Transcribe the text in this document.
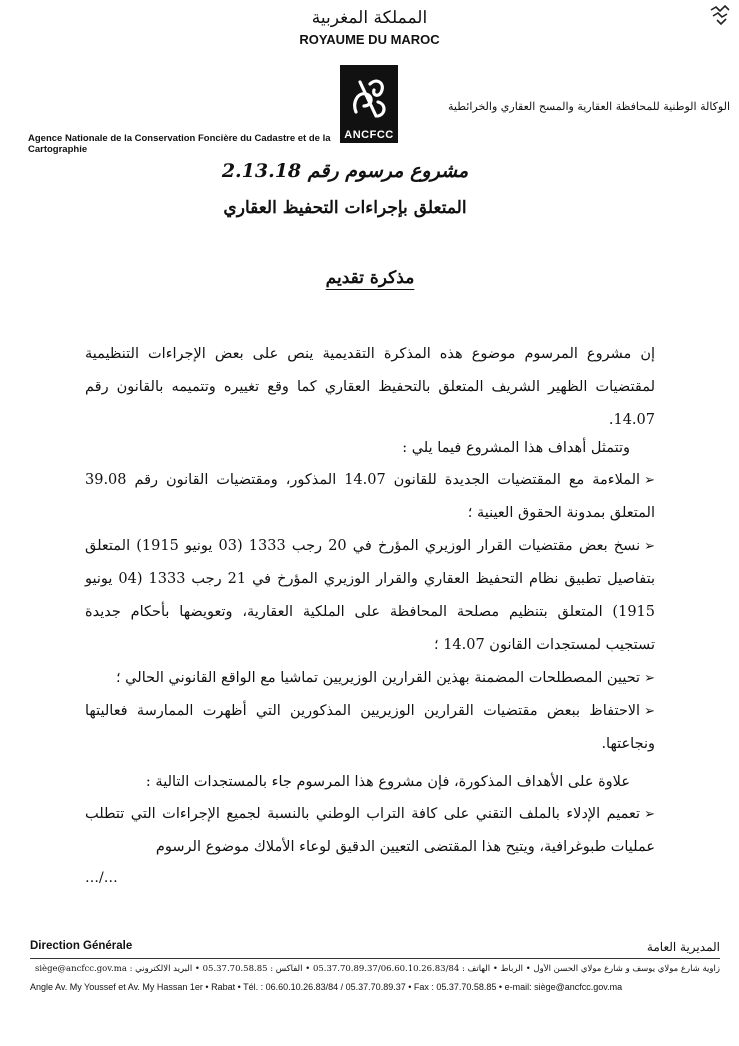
المملكة المغربية
ROYAUME DU MAROC
ANCFCC
الوكالة الوطنية للمحافظة العقارية والمسح العقاري والخرائطية
Agence Nationale de la Conservation Foncière du Cadastre et de la Cartographie
مشروع مرسوم رقم 2.13.18
المتعلق بإجراءات التحفيظ العقاري
مذكرة تقديم
إن مشروع المرسوم موضوع هذه المذكرة التقديمية ينص على بعض الإجراءات التنظيمية لمقتضيات الظهير الشريف المتعلق بالتحفيظ العقاري كما وقع تغييره وتتميمه بالقانون رقم 14.07.
وتتمثل أهداف هذا المشروع فيما يلي :
➢الملاءمة مع المقتضيات الجديدة للقانون 14.07 المذكور، ومقتضيات القانون رقم 39.08 المتعلق بمدونة الحقوق العينية ؛
➢نسخ بعض مقتضيات القرار الوزيري المؤرخ في 20 رجب 1333 (03 يونيو 1915) المتعلق بتفاصيل تطبيق نظام التحفيظ العقاري والقرار الوزيري المؤرخ في 21 رجب 1333 (04 يونيو 1915) المتعلق بتنظيم مصلحة المحافظة على الملكية العقارية، وتعويضها بأحكام جديدة تستجيب لمستجدات القانون 14.07 ؛
➢تحيين المصطلحات المضمنة بهذين القرارين الوزيريين تماشيا مع الواقع القانوني الحالي ؛
➢الاحتفاظ ببعض مقتضيات القرارين الوزيريين المذكورين التي أظهرت الممارسة فعاليتها ونجاعتها.
علاوة على الأهداف المذكورة، فإن مشروع هذا المرسوم جاء بالمستجدات التالية :
➢تعميم الإدلاء بالملف التقني على كافة التراب الوطني بالنسبة لجميع الإجراءات التي تتطلب عمليات طبوغرافية، ويتيح هذا المقتضى التعيين الدقيق لوعاء الأملاك موضوع الرسوم
…/…
Direction Générale	المديرية العامة
زاوية شارع مولاي يوسف و شارع مولاي الحسن الأول • الرباط • الهاتف : 05.37.70.89.37/06.60.10.26.83/84 • الفاكس : 05.37.70.58.85 • البريد الالكتروني : siège@ancfcc.gov.ma
Angle Av. My Youssef et Av. My Hassan 1er • Rabat • Tél. : 06.60.10.26.83/84 / 05.37.70.89.37 • Fax : 05.37.70.58.85 • e-mail: siège@ancfcc.gov.ma
